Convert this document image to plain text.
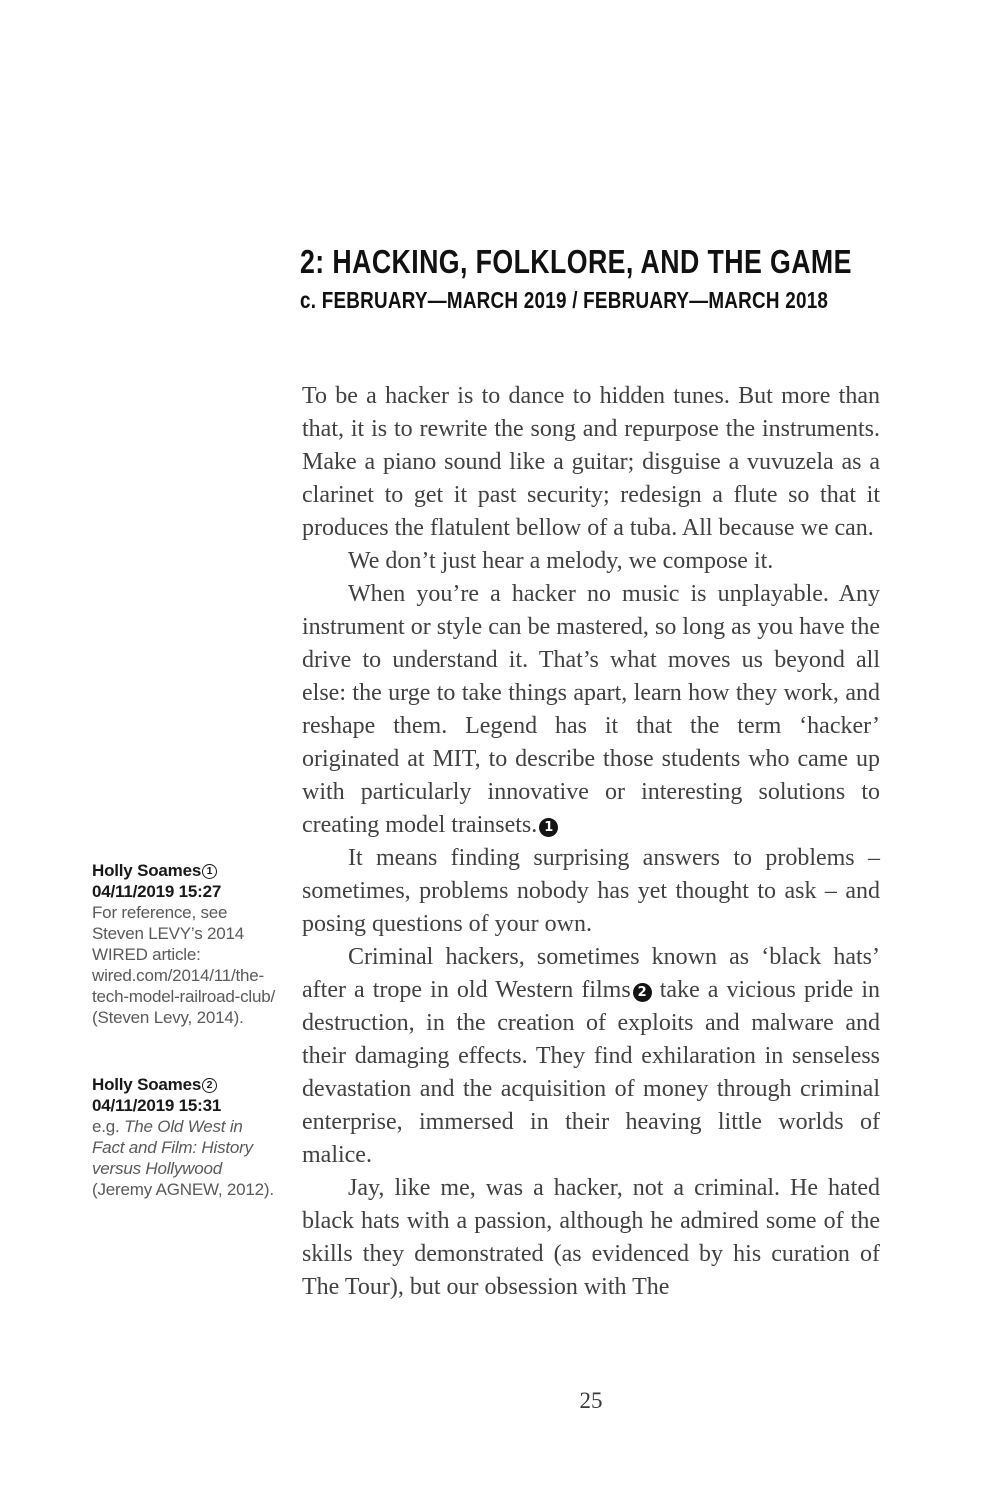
2: HACKING, FOLKLORE, AND THE GAME
c. FEBRUARY—MARCH 2019 / FEBRUARY—MARCH 2018

To be a hacker is to dance to hidden tunes. But more than that, it is to rewrite the song and repurpose the instruments. Make a piano sound like a guitar; disguise a vuvuzela as a clarinet to get it past security; redesign a flute so that it produces the flatulent bellow of a tuba. All because we can.

We don’t just hear a melody, we compose it.

When you’re a hacker no music is unplayable. Any instrument or style can be mastered, so long as you have the drive to understand it. That’s what moves us beyond all else: the urge to take things apart, learn how they work, and reshape them. Legend has it that the term ‘hacker’ originated at MIT, to describe those students who came up with particularly innovative or interesting solutions to creating model trainsets. 1

It means finding surprising answers to problems – sometimes, problems nobody has yet thought to ask – and posing questions of your own.

Criminal hackers, sometimes known as ‘black hats’ after a trope in old Western films 2 take a vicious pride in destruction, in the creation of exploits and malware and their damaging effects. They find exhilaration in senseless devastation and the acquisition of money through criminal enterprise, immersed in their heaving little worlds of malice.

Jay, like me, was a hacker, not a criminal. He hated black hats with a passion, although he admired some of the skills they demonstrated (as evidenced by his curation of The Tour), but our obsession with The

Holly Soames 1
04/11/2019 15:27
For reference, see Steven LEVY’s 2014 WIRED article: wired.com/2014/11/the-tech-model-railroad-club/ (Steven Levy, 2014).
Holly Soames 2
04/11/2019 15:31
e.g. The Old West in Fact and Film: History versus Hollywood (Jeremy AGNEW, 2012).
25
